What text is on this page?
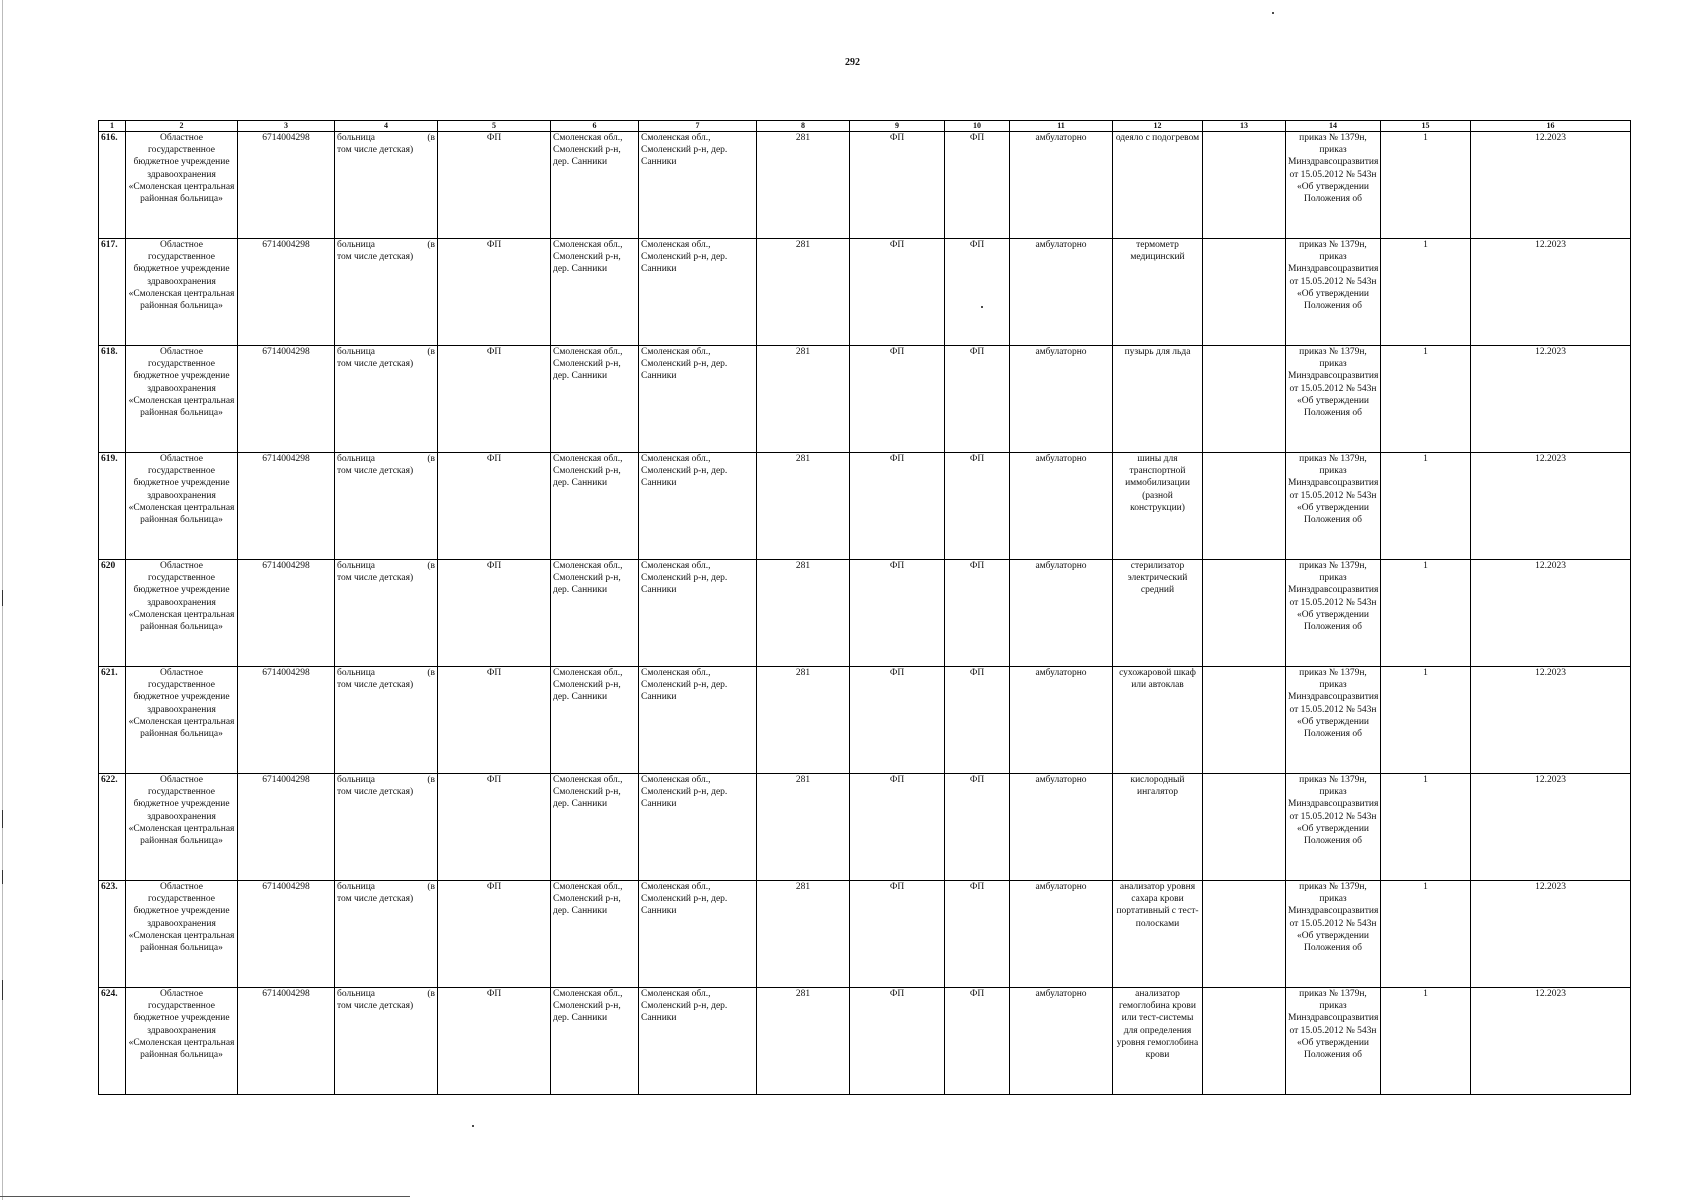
292
1	2	3	4	5	6	7	8	9	10	11	12	13	14	15	16
616.	Областное государственное бюджетное учреждение здравоохранения «Смоленская центральная районная больница»	6714004298	больница (в
том числе детская)	ФП	Смоленская обл., Смоленский р-н, дер. Санники	Смоленская обл., Смоленский р-н, дер. Санники	281	ФП	ФП	амбулаторно	одеяло с подогревом		приказ № 1379н, приказ Минздравсоцразвития от 15.05.2012 № 543н «Об утверждении Положения об	1	12.2023
617.	Областное государственное бюджетное учреждение здравоохранения «Смоленская центральная районная больница»	6714004298	больница (в
том числе детская)	ФП	Смоленская обл., Смоленский р-н, дер. Санники	Смоленская обл., Смоленский р-н, дер. Санники	281	ФП	ФП	амбулаторно	термометр медицинский		приказ № 1379н, приказ Минздравсоцразвития от 15.05.2012 № 543н «Об утверждении Положения об	1	12.2023
618.	Областное государственное бюджетное учреждение здравоохранения «Смоленская центральная районная больница»	6714004298	больница (в
том числе детская)	ФП	Смоленская обл., Смоленский р-н, дер. Санники	Смоленская обл., Смоленский р-н, дер. Санники	281	ФП	ФП	амбулаторно	пузырь для льда		приказ № 1379н, приказ Минздравсоцразвития от 15.05.2012 № 543н «Об утверждении Положения об	1	12.2023
619.	Областное государственное бюджетное учреждение здравоохранения «Смоленская центральная районная больница»	6714004298	больница (в
том числе детская)	ФП	Смоленская обл., Смоленский р-н, дер. Санники	Смоленская обл., Смоленский р-н, дер. Санники	281	ФП	ФП	амбулаторно	шины для транспортной иммобилизации (разной конструкции)		приказ № 1379н, приказ Минздравсоцразвития от 15.05.2012 № 543н «Об утверждении Положения об	1	12.2023
620	Областное государственное бюджетное учреждение здравоохранения «Смоленская центральная районная больница»	6714004298	больница (в
том числе детская)	ФП	Смоленская обл., Смоленский р-н, дер. Санники	Смоленская обл., Смоленский р-н, дер. Санники	281	ФП	ФП	амбулаторно	стерилизатор электрический средний		приказ № 1379н, приказ Минздравсоцразвития от 15.05.2012 № 543н «Об утверждении Положения об	1	12.2023
621.	Областное государственное бюджетное учреждение здравоохранения «Смоленская центральная районная больница»	6714004298	больница (в
том числе детская)	ФП	Смоленская обл., Смоленский р-н, дер. Санники	Смоленская обл., Смоленский р-н, дер. Санники	281	ФП	ФП	амбулаторно	сухожаровой шкаф или автоклав		приказ № 1379н, приказ Минздравсоцразвития от 15.05.2012 № 543н «Об утверждении Положения об	1	12.2023
622.	Областное государственное бюджетное учреждение здравоохранения «Смоленская центральная районная больница»	6714004298	больница (в
том числе детская)	ФП	Смоленская обл., Смоленский р-н, дер. Санники	Смоленская обл., Смоленский р-н, дер. Санники	281	ФП	ФП	амбулаторно	кислородный ингалятор		приказ № 1379н, приказ Минздравсоцразвития от 15.05.2012 № 543н «Об утверждении Положения об	1	12.2023
623.	Областное государственное бюджетное учреждение здравоохранения «Смоленская центральная районная больница»	6714004298	больница (в
том числе детская)	ФП	Смоленская обл., Смоленский р-н, дер. Санники	Смоленская обл., Смоленский р-н, дер. Санники	281	ФП	ФП	амбулаторно	анализатор уровня сахара крови портативный с тест-полосками		приказ № 1379н, приказ Минздравсоцразвития от 15.05.2012 № 543н «Об утверждении Положения об	1	12.2023
624.	Областное государственное бюджетное учреждение здравоохранения «Смоленская центральная районная больница»	6714004298	больница (в
том числе детская)	ФП	Смоленская обл., Смоленский р-н, дер. Санники	Смоленская обл., Смоленский р-н, дер. Санники	281	ФП	ФП	амбулаторно	анализатор гемоглобина крови или тест-системы для определения уровня гемоглобина крови		приказ № 1379н, приказ Минздравсоцразвития от 15.05.2012 № 543н «Об утверждении Положения об	1	12.2023
